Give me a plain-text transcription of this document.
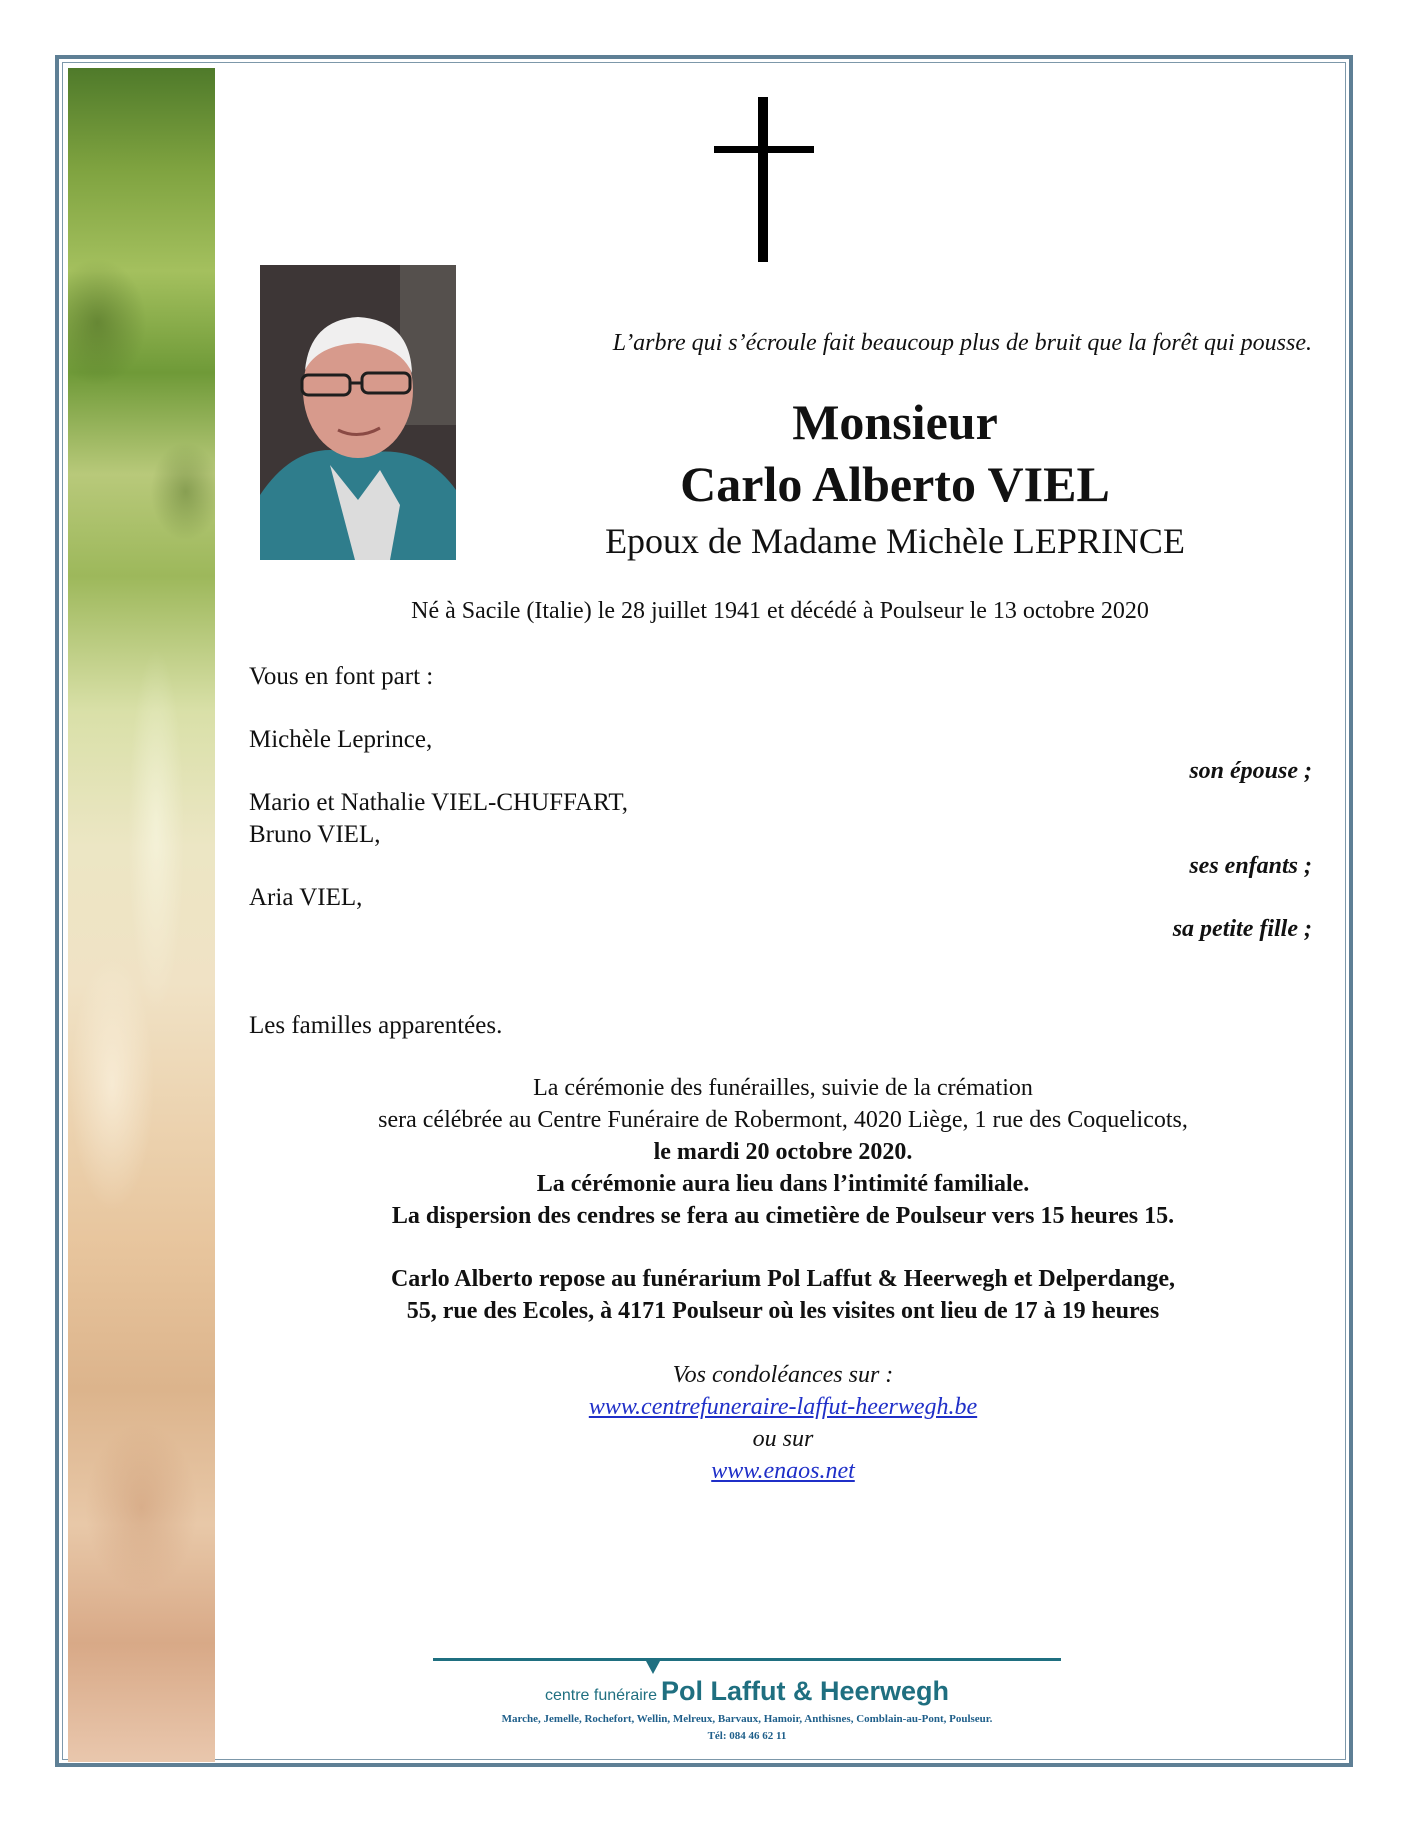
L’arbre qui s’écroule fait beaucoup plus de bruit que la forêt qui pousse.
Monsieur
Carlo Alberto VIEL
Epoux de Madame Michèle LEPRINCE
Né à Sacile (Italie) le 28 juillet 1941 et décédé à Poulseur le 13 octobre 2020
Vous en font part :
Michèle Leprince,
son épouse ;
Mario et Nathalie VIEL-CHUFFART,
Bruno VIEL,
ses enfants ;
Aria VIEL,
sa petite fille ;
Les familles apparentées.
La cérémonie des funérailles, suivie de la crémation
sera célébrée au Centre Funéraire de Robermont, 4020 Liège, 1 rue des Coquelicots,
le mardi 20 octobre 2020.
La cérémonie aura lieu dans l’intimité familiale.
La dispersion des cendres se fera au cimetière de Poulseur vers 15 heures 15.
Carlo Alberto repose au funérarium Pol Laffut & Heerwegh et Delperdange,
55, rue des Ecoles, à 4171 Poulseur où les visites ont lieu de 17 à 19 heures
Vos condoléances sur :
www.centrefuneraire-laffut-heerwegh.be
ou sur
www.enaos.net
centre funéraire Pol Laffut & Heerwegh
Marche, Jemelle, Rochefort, Wellin, Melreux, Barvaux, Hamoir, Anthisnes, Comblain-au-Pont, Poulseur.
Tél: 084 46 62 11
